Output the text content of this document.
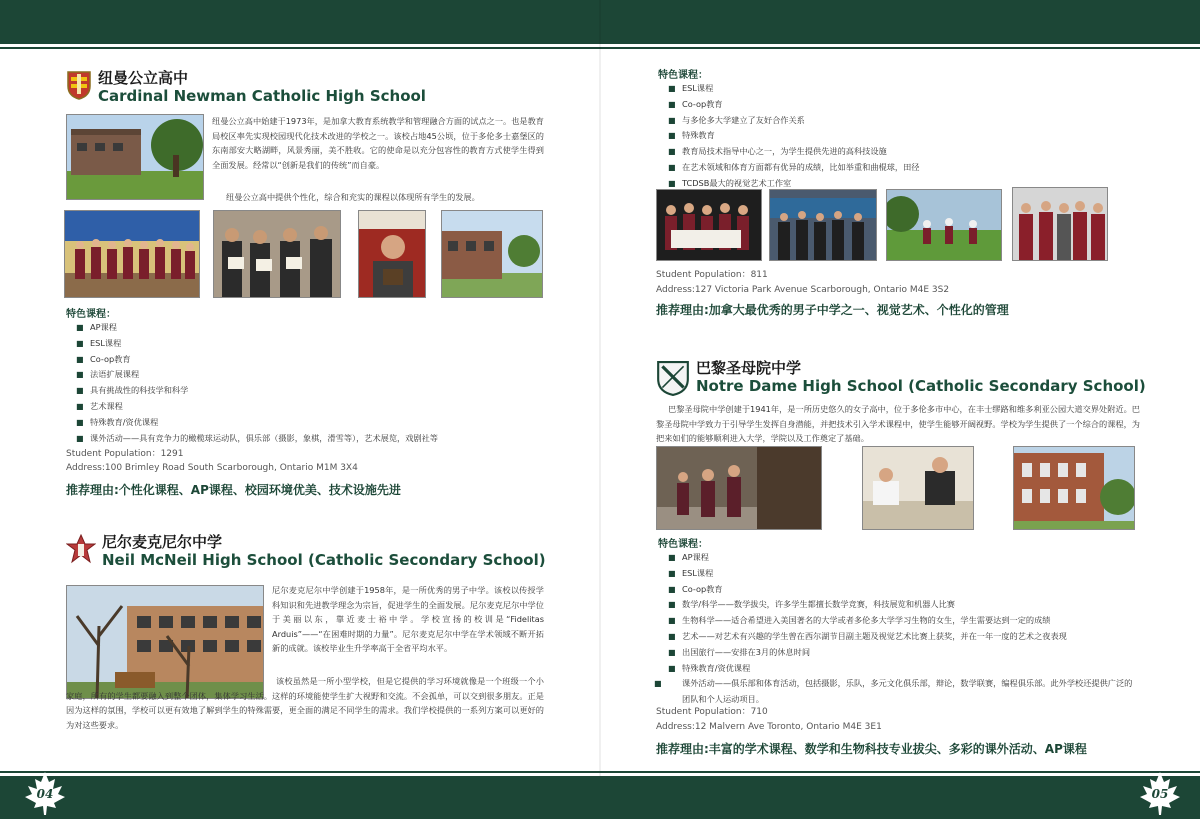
纽曼公立高中
Cardinal Newman Catholic High School
纽曼公立高中始建于1973年，是加拿大教育系统教学和管理融合方面的试点之一。也是教育局校区率先实现校园现代化技术改进的学校之一。该校占地45公顷，位于多伦多士嘉堡区的东南部安大略湖畔，风景秀丽，美不胜收。它的使命是以充分包容性的教育方式使学生得到全面发展。经常以“创新是我们的传统”而自豪。
纽曼公立高中提供个性化，综合和充实的课程以体现所有学生的发展。
特色课程：
■ AP课程
■ ESL课程
■ Co-op教育
■ 法语扩展课程
■ 具有挑战性的科技学和科学
■ 艺术课程
■ 特殊教育/资优课程
■ 课外活动——具有竞争力的橄榄球运动队，俱乐部（摄影，象棋，滑雪等），艺术展览，戏剧社等
Student Population：1291
Address:100 Brimley Road South Scarborough, Ontario M1M 3X4
推荐理由:个性化课程、AP课程、校园环境优美、技术设施先进
尼尔麦克尼尔中学
Neil McNeil High School (Catholic Secondary School)
尼尔麦克尼尔中学创建于1958年，是一所优秀的男子中学。该校以传授学科知识和先进教学理念为宗旨，促进学生的全面发展。尼尔麦克尼尔中学位于美丽以东，靠近麦士裕中学。学校宣扬的校训是“Fidelitas Arduis”——“在困难时期的力量”。尼尔麦克尼尔中学在学术领域不断开拓新的成就。该校毕业生升学率高于全省平均水平。
该校虽然是一所小型学校，但是它提供的学习环境就像是一个班级一个小家庭，所有的学生都要融入到整个团体，集体学习生活。这样的环境能使学生扩大视野和交流。不会孤单，可以交到很多朋友。正是因为这样的氛围，学校可以更有效地了解到学生的特殊需要，更全面的满足不同学生的需求。我们学校提供的一系列方案可以更好的为对这些要求。
特色课程：
■ ESL课程
■ Co-op教育
■ 与多伦多大学建立了友好合作关系
■ 特殊教育
■ 教育局技术指导中心之一，为学生提供先进的高科技设施
■ 在艺术领域和体育方面都有优异的成绩，比如举重和曲棍球，田径
■ TCDSB最大的视觉艺术工作室
Student Population：811
Address:127 Victoria Park Avenue Scarborough, Ontario M4E 3S2
推荐理由:加拿大最优秀的男子中学之一、视觉艺术、个性化的管理
巴黎圣母院中学
Notre Dame High School (Catholic Secondary School)
巴黎圣母院中学创建于1941年，是一所历史悠久的女子高中，位于多伦多市中心，在丰士缪路和维多利亚公园大道交界处附近。巴黎圣母院中学致力于引导学生发挥自身潜能，并把技术引入学术课程中，使学生能够开阔视野。学校为学生提供了一个综合的课程，为把来如们的能够顺利进入大学，学院以及工作奠定了基础。
特色课程：
■ AP课程
■ ESL课程
■ Co-op教育
■ 数学/科学——数学拔尖，许多学生都擅长数学竞赛，科技展览和机器人比赛
■ 生物科学——适合希望进入美国著名的大学或者多伦多大学学习生物的女生，学生需要达到一定的成绩
■ 艺术——对艺术有兴趣的学生曾在西尔湖节目副主题及视觉艺术比赛上获奖，并在一年一度的艺术之夜表现
■ 出国旅行——安排在3月的休息时间
■ 特殊教育/资优课程
■ 课外活动——俱乐部和体育活动，包括摄影，乐队，多元文化俱乐部，辩论，数学联赛，编程俱乐部。此外学校还提供广泛的团队和个人运动项目。
Student Population：710
Address:12 Malvern Ave Toronto, Ontario M4E 3E1
推荐理由:丰富的学术课程、数学和生物科技专业拔尖、多彩的课外活动、AP课程
04	05
